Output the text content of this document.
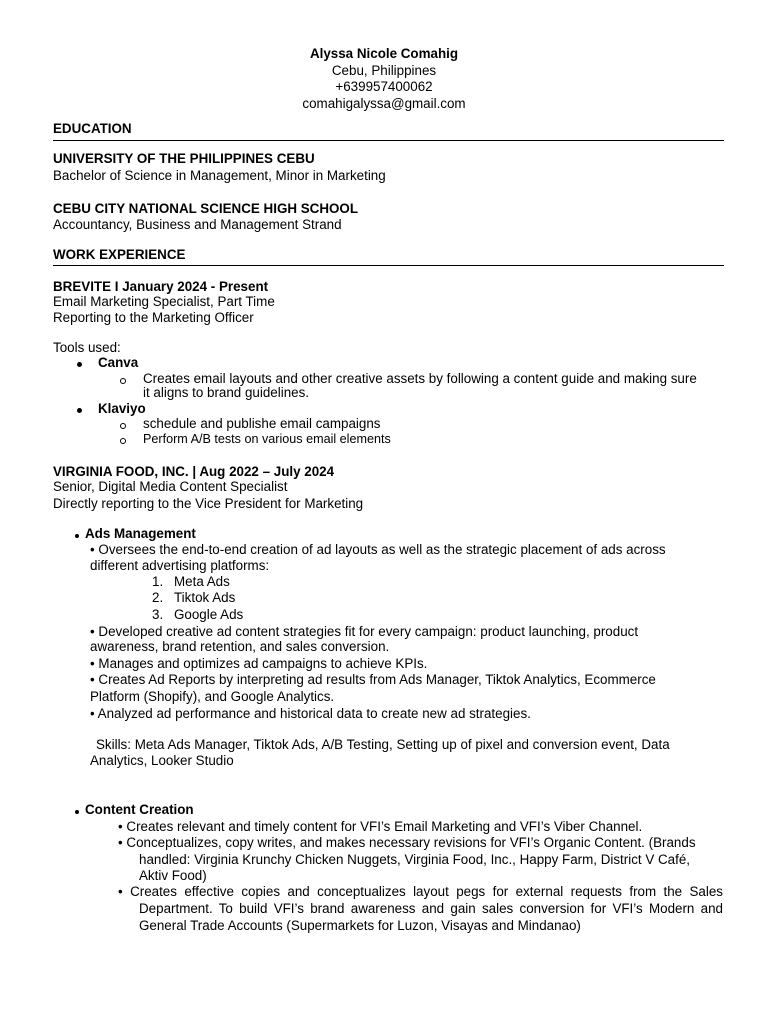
Alyssa Nicole Comahig
Cebu, Philippines
+639957400062
comahigalyssa@gmail.com
EDUCATION
UNIVERSITY OF THE PHILIPPINES CEBU
Bachelor of Science in Management, Minor in Marketing
CEBU CITY NATIONAL SCIENCE HIGH SCHOOL
Accountancy, Business and Management Strand
WORK EXPERIENCE
BREVITE I January 2024 - Present
Email Marketing Specialist, Part Time
Reporting to the Marketing Officer
Tools used:
Canva
Creates email layouts and other creative assets by following a content guide and making sure
it aligns to brand guidelines.
Klaviyo
schedule and publishe email campaigns
Perform A/B tests on various email elements
VIRGINIA FOOD, INC. | Aug 2022 – July 2024
Senior, Digital Media Content Specialist
Directly reporting to the Vice President for Marketing
Ads Management
• Oversees the end-to-end creation of ad layouts as well as the strategic placement of ads across
different advertising platforms:
1. Meta Ads
2. Tiktok Ads
3. Google Ads
• Developed creative ad content strategies fit for every campaign: product launching, product
awareness, brand retention, and sales conversion.
• Manages and optimizes ad campaigns to achieve KPIs.
• Creates Ad Reports by interpreting ad results from Ads Manager, Tiktok Analytics, Ecommerce
Platform (Shopify), and Google Analytics.
• Analyzed ad performance and historical data to create new ad strategies.
Skills: Meta Ads Manager, Tiktok Ads, A/B Testing, Setting up of pixel and conversion event, Data
Analytics, Looker Studio
Content Creation
• Creates relevant and timely content for VFI’s Email Marketing and VFI’s Viber Channel.
• Conceptualizes, copy writes, and makes necessary revisions for VFI’s Organic Content. (Brands
handled: Virginia Krunchy Chicken Nuggets, Virginia Food, Inc., Happy Farm, District V Café,
Aktiv Food)
• Creates effective copies and conceptualizes layout pegs for external requests from the Sales
Department. To build VFI’s brand awareness and gain sales conversion for VFI’s Modern and
General Trade Accounts (Supermarkets for Luzon, Visayas and Mindanao)
